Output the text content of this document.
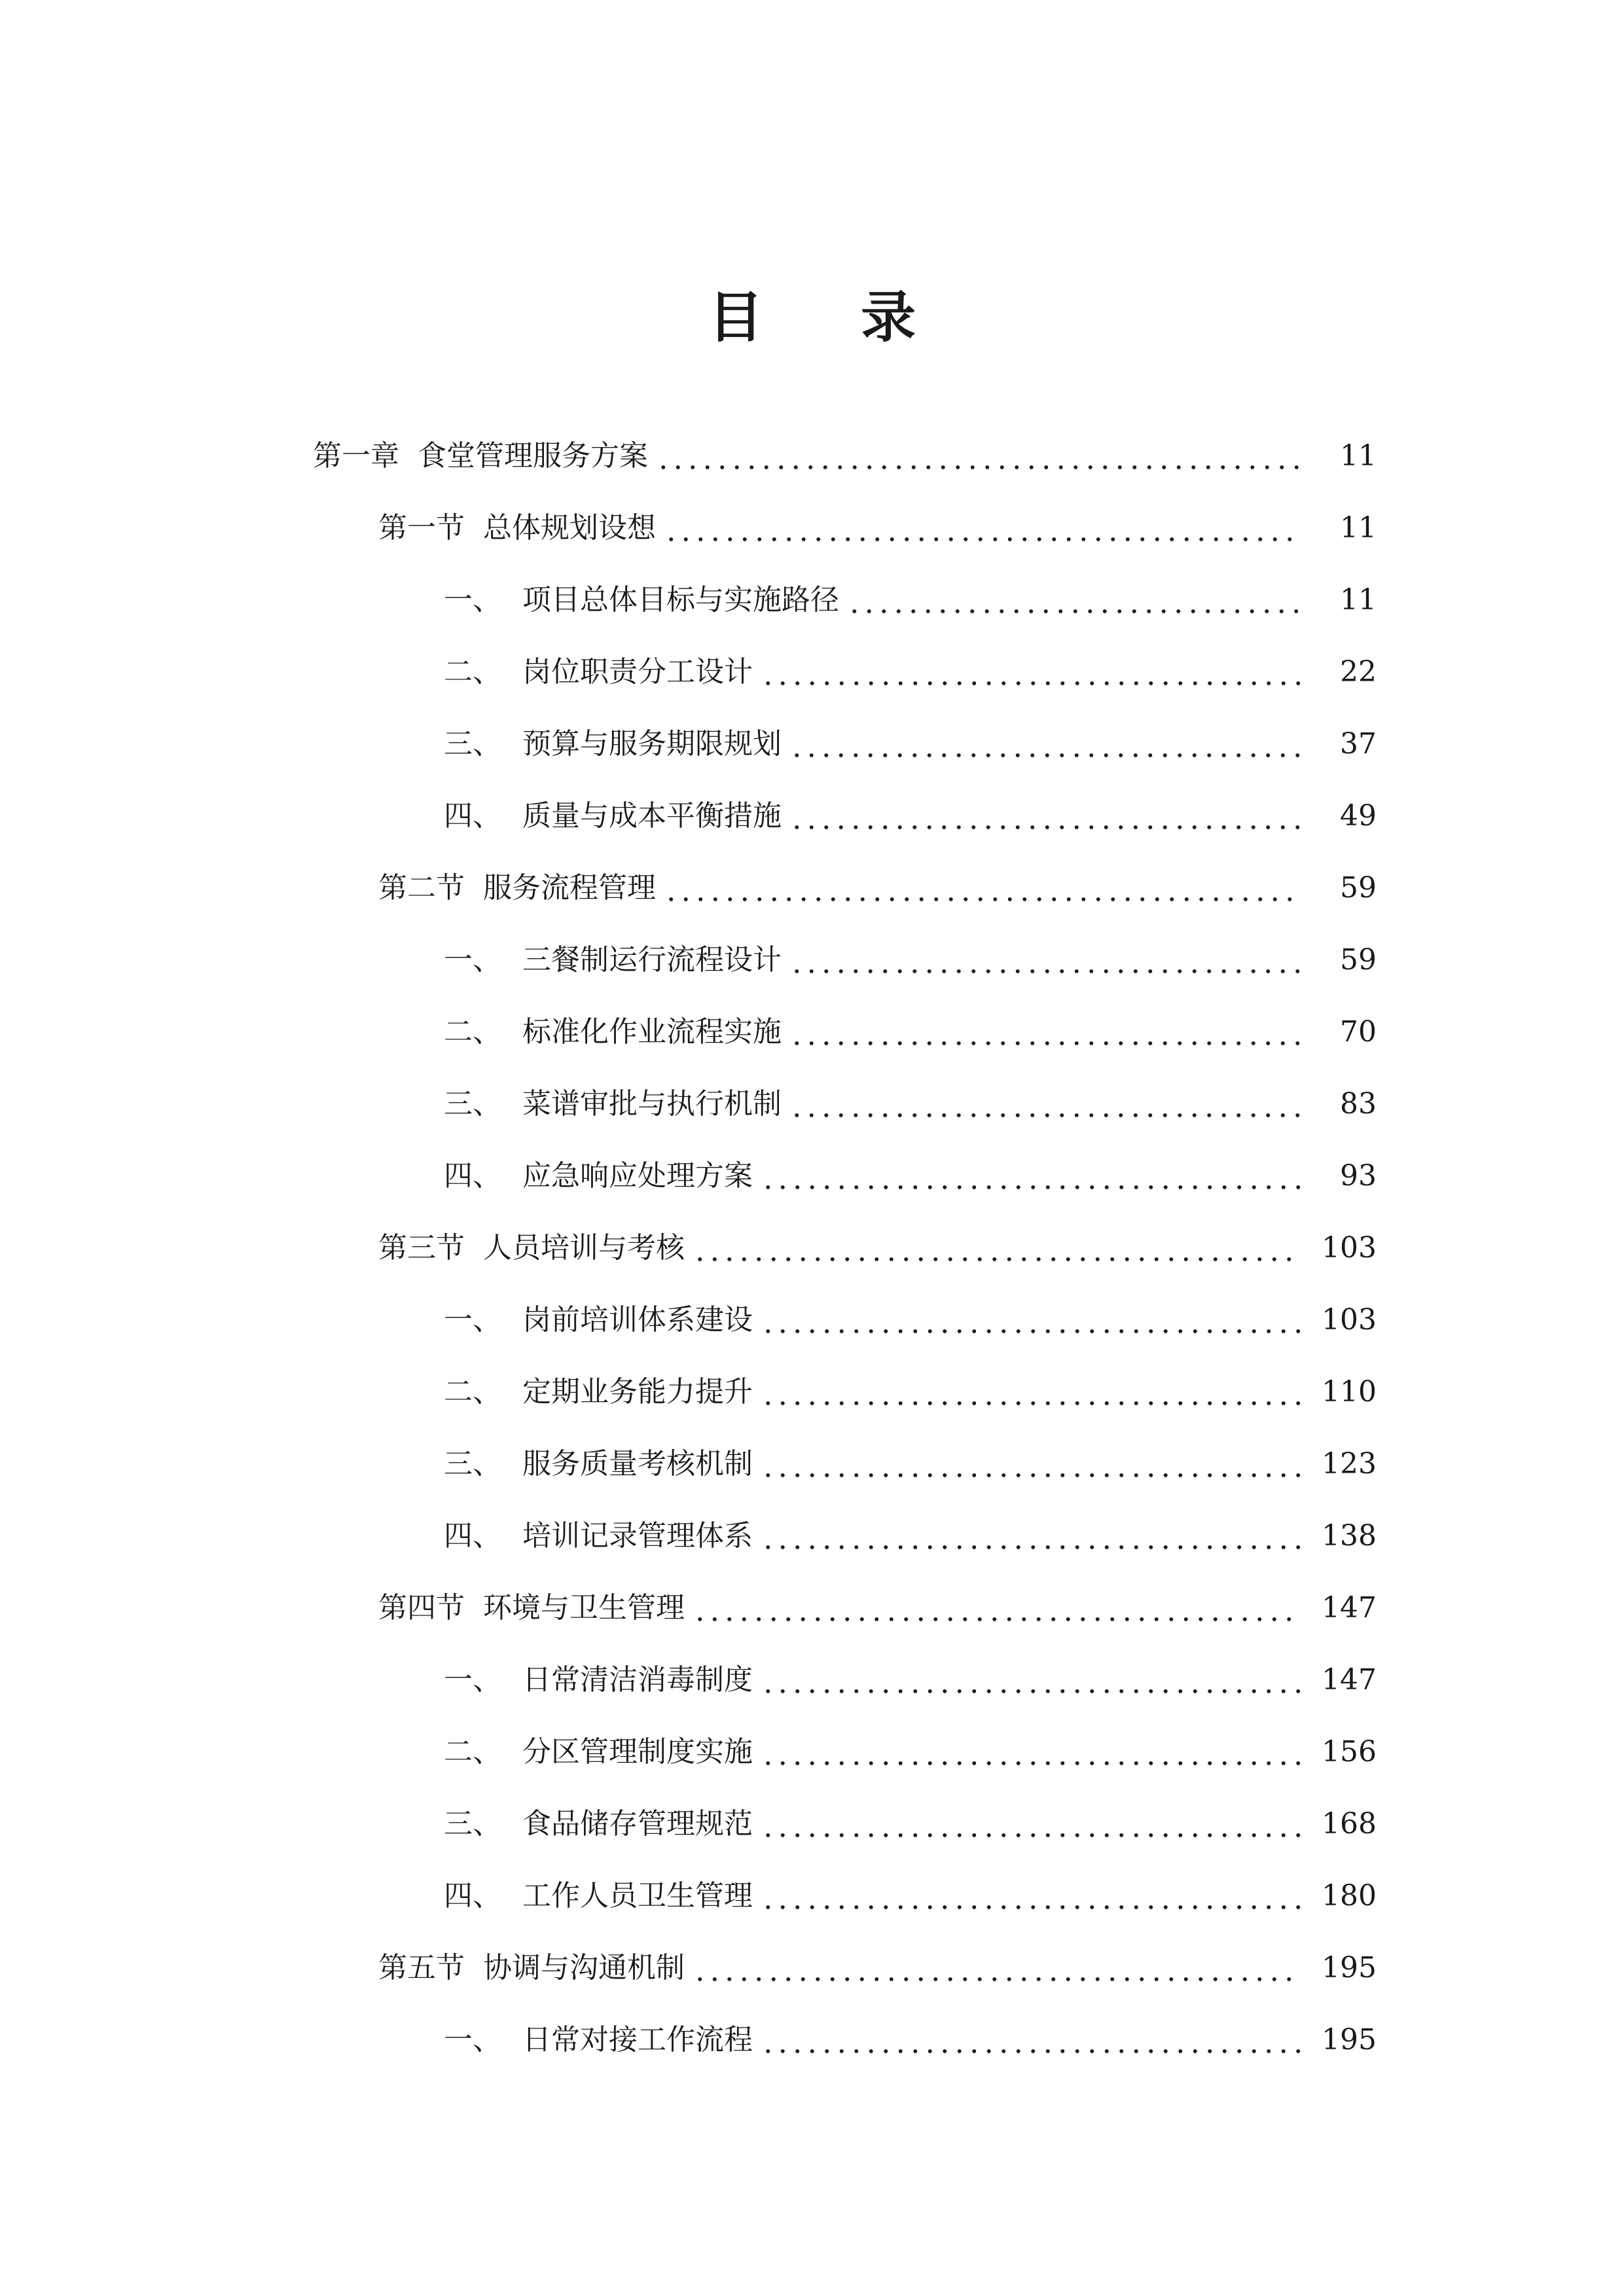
目 录
第一章 食堂管理服务方案	11
第一节 总体规划设想	11
一、 项目总体目标与实施路径	11
二、 岗位职责分工设计	22
三、 预算与服务期限规划	37
四、 质量与成本平衡措施	49
第二节 服务流程管理	59
一、 三餐制运行流程设计	59
二、 标准化作业流程实施	70
三、 菜谱审批与执行机制	83
四、 应急响应处理方案	93
第三节 人员培训与考核	103
一、 岗前培训体系建设	103
二、 定期业务能力提升	110
三、 服务质量考核机制	123
四、 培训记录管理体系	138
第四节 环境与卫生管理	147
一、 日常清洁消毒制度	147
二、 分区管理制度实施	156
三、 食品储存管理规范	168
四、 工作人员卫生管理	180
第五节 协调与沟通机制	195
一、 日常对接工作流程	195
